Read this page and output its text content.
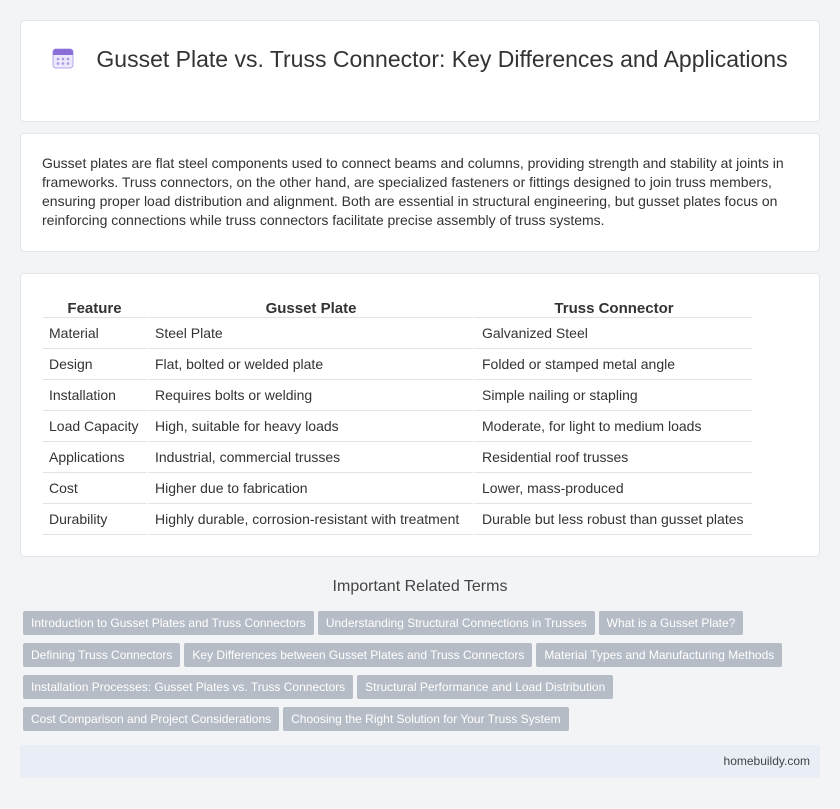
Gusset Plate vs. Truss Connector: Key Differences and Applications

Gusset plates are flat steel components used to connect beams and columns, providing strength and stability at joints in frameworks. Truss connectors, on the other hand, are specialized fasteners or fittings designed to join truss members, ensuring proper load distribution and alignment. Both are essential in structural engineering, but gusset plates focus on reinforcing connections while truss connectors facilitate precise assembly of truss systems.

Feature	Gusset Plate	Truss Connector
Material	Steel Plate	Galvanized Steel
Design	Flat, bolted or welded plate	Folded or stamped metal angle
Installation	Requires bolts or welding	Simple nailing or stapling
Load Capacity	High, suitable for heavy loads	Moderate, for light to medium loads
Applications	Industrial, commercial trusses	Residential roof trusses
Cost	Higher due to fabrication	Lower, mass-produced
Durability	Highly durable, corrosion-resistant with treatment	Durable but less robust than gusset plates
Important Related Terms
Introduction to Gusset Plates and Truss Connectors Understanding Structural Connections in Trusses What is a Gusset Plate?
Defining Truss Connectors Key Differences between Gusset Plates and Truss Connectors Material Types and Manufacturing Methods
Installation Processes: Gusset Plates vs. Truss Connectors Structural Performance and Load Distribution
Cost Comparison and Project Considerations Choosing the Right Solution for Your Truss System
homebuildy.com
